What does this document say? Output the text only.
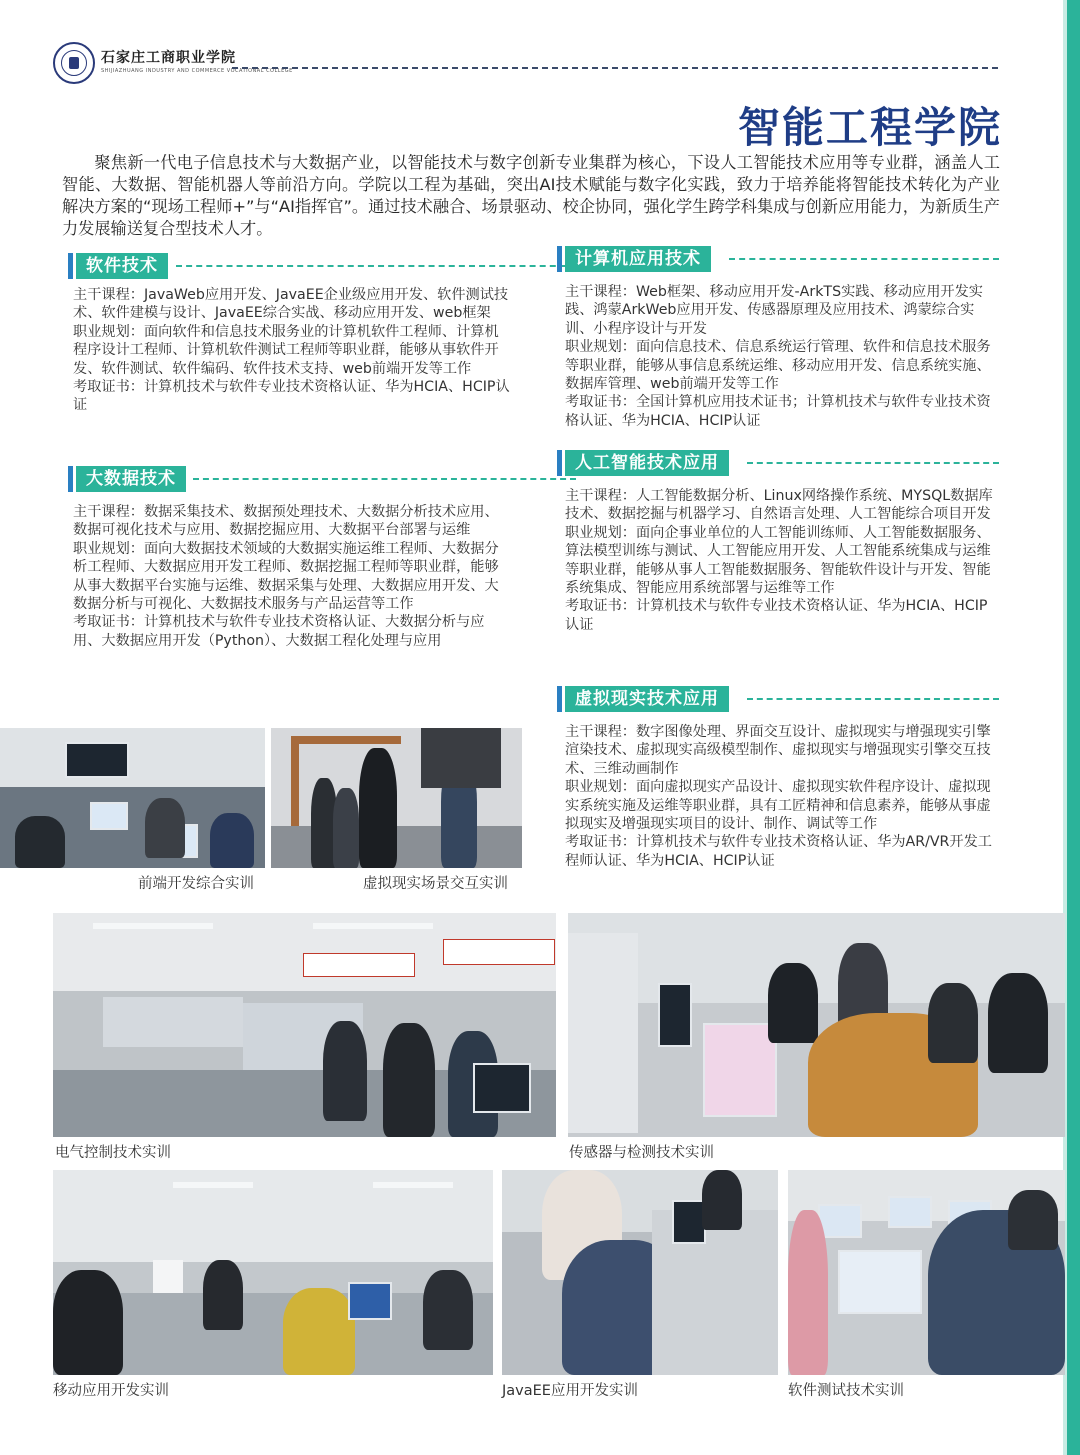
石家庄工商职业学院
SHIJIAZHUANG INDUSTRY AND COMMERCE VOCATIONAL COLLEGE
智能工程学院

聚焦新一代电子信息技术与大数据产业，以智能技术与数字创新专业集群为核心，下设人工智能技术应用等专业群，涵盖人工智能、大数据、智能机器人等前沿方向。学院以工程为基础，突出AI技术赋能与数字化实践，致力于培养能将智能技术转化为产业解决方案的“现场工程师+”与“AI指挥官”。通过技术融合、场景驱动、校企协同，强化学生跨学科集成与创新应用能力，为新质生产力发展输送复合型技术人才。

软件技术

主干课程：JavaWeb应用开发、JavaEE企业级应用开发、软件测试技术、软件建模与设计、JavaEE综合实战、移动应用开发、web框架

职业规划：面向软件和信息技术服务业的计算机软件工程师、计算机程序设计工程师、计算机软件测试工程师等职业群，能够从事软件开发、软件测试、软件编码、软件技术支持、web前端开发等工作

考取证书：计算机技术与软件专业技术资格认证、华为HCIA、HCIP认证

大数据技术

主干课程：数据采集技术、数据预处理技术、大数据分析技术应用、数据可视化技术与应用、数据挖掘应用、大数据平台部署与运维

职业规划：面向大数据技术领域的大数据实施运维工程师、大数据分析工程师、大数据应用开发工程师、数据挖掘工程师等职业群，能够从事大数据平台实施与运维、数据采集与处理、大数据应用开发、大数据分析与可视化、大数据技术服务与产品运营等工作

考取证书：计算机技术与软件专业技术资格认证、大数据分析与应用、大数据应用开发（Python）、大数据工程化处理与应用

计算机应用技术

主干课程：Web框架、移动应用开发-ArkTS实践、移动应用开发实践、鸿蒙ArkWeb应用开发、传感器原理及应用技术、鸿蒙综合实训、小程序设计与开发

职业规划：面向信息技术、信息系统运行管理、软件和信息技术服务等职业群，能够从事信息系统运维、移动应用开发、信息系统实施、数据库管理、web前端开发等工作

考取证书：全国计算机应用技术证书；计算机技术与软件专业技术资格认证、华为HCIA、HCIP认证

人工智能技术应用

主干课程：人工智能数据分析、Linux网络操作系统、MYSQL数据库技术、数据挖掘与机器学习、自然语言处理、人工智能综合项目开发

职业规划：面向企事业单位的人工智能训练师、人工智能数据服务、算法模型训练与测试、人工智能应用开发、人工智能系统集成与运维等职业群，能够从事人工智能数据服务、智能软件设计与开发、智能系统集成、智能应用系统部署与运维等工作

考取证书：计算机技术与软件专业技术资格认证、华为HCIA、HCIP认证

虚拟现实技术应用

主干课程：数字图像处理、界面交互设计、虚拟现实与增强现实引擎渲染技术、虚拟现实高级模型制作、虚拟现实与增强现实引擎交互技术、三维动画制作

职业规划：面向虚拟现实产品设计、虚拟现实软件程序设计、虚拟现实系统实施及运维等职业群，具有工匠精神和信息素养，能够从事虚拟现实及增强现实项目的设计、制作、调试等工作

考取证书：计算机技术与软件专业技术资格认证、华为AR/VR开发工程师认证、华为HCIA、HCIP认证

前端开发综合实训	虚拟现实场景交互实训
电气控制技术实训	传感器与检测技术实训
移动应用开发实训	JavaEE应用开发实训	软件测试技术实训
